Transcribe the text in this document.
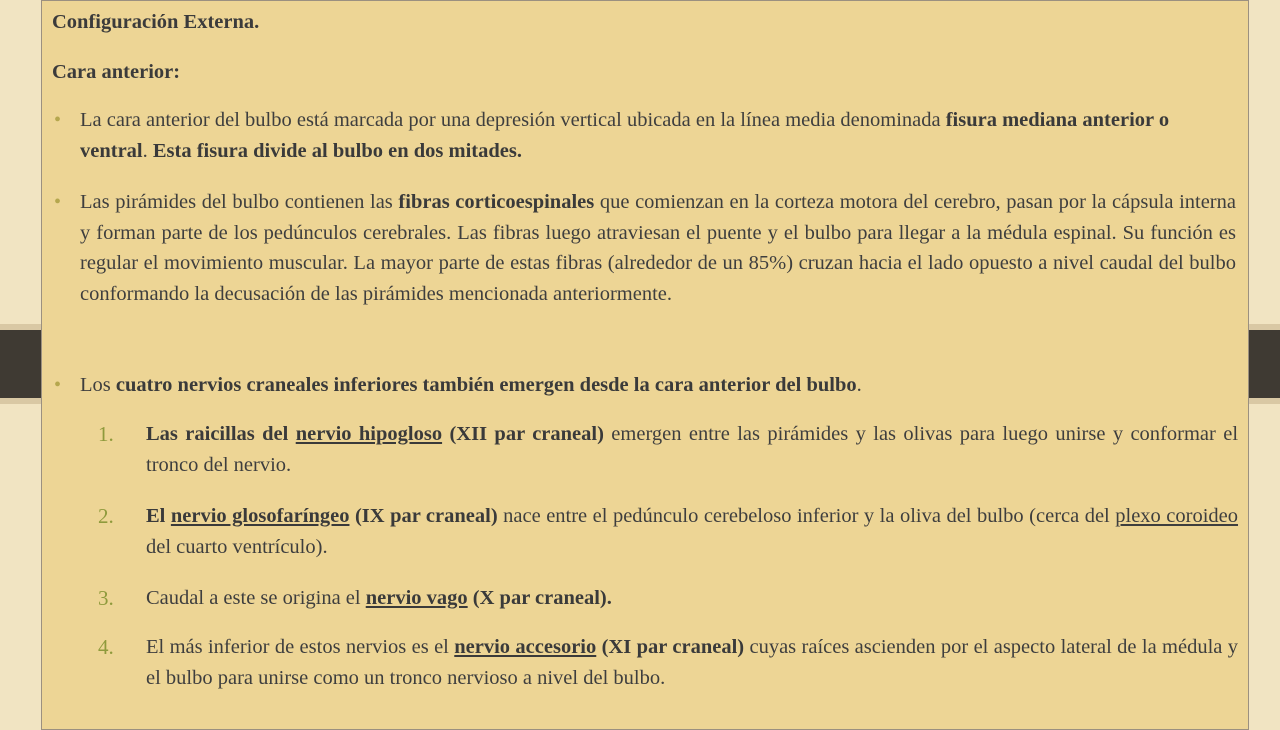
Configuración Externa.
Cara anterior:
• La cara anterior del bulbo está marcada por una depresión vertical ubicada en la línea media denominada fisura mediana anterior o ventral. Esta fisura divide al bulbo en dos mitades.
• Las pirámides del bulbo contienen las fibras corticoespinales que comienzan en la corteza motora del cerebro, pasan por la cápsula interna y forman parte de los pedúnculos cerebrales. Las fibras luego atraviesan el puente y el bulbo para llegar a la médula espinal. Su función es regular el movimiento muscular. La mayor parte de estas fibras (alrededor de un 85%) cruzan hacia el lado opuesto a nivel caudal del bulbo conformando la decusación de las pirámides mencionada anteriormente.
• Los cuatro nervios craneales inferiores también emergen desde la cara anterior del bulbo.
1. Las raicillas del nervio hipogloso (XII par craneal) emergen entre las pirámides y las olivas para luego unirse y conformar el tronco del nervio.
2. El nervio glosofaríngeo (IX par craneal) nace entre el pedúnculo cerebeloso inferior y la oliva del bulbo (cerca del plexo coroideo del cuarto ventrículo).
3. Caudal a este se origina el nervio vago (X par craneal).
4. El más inferior de estos nervios es el nervio accesorio (XI par craneal) cuyas raíces ascienden por el aspecto lateral de la médula y el bulbo para unirse como un tronco nervioso a nivel del bulbo.
